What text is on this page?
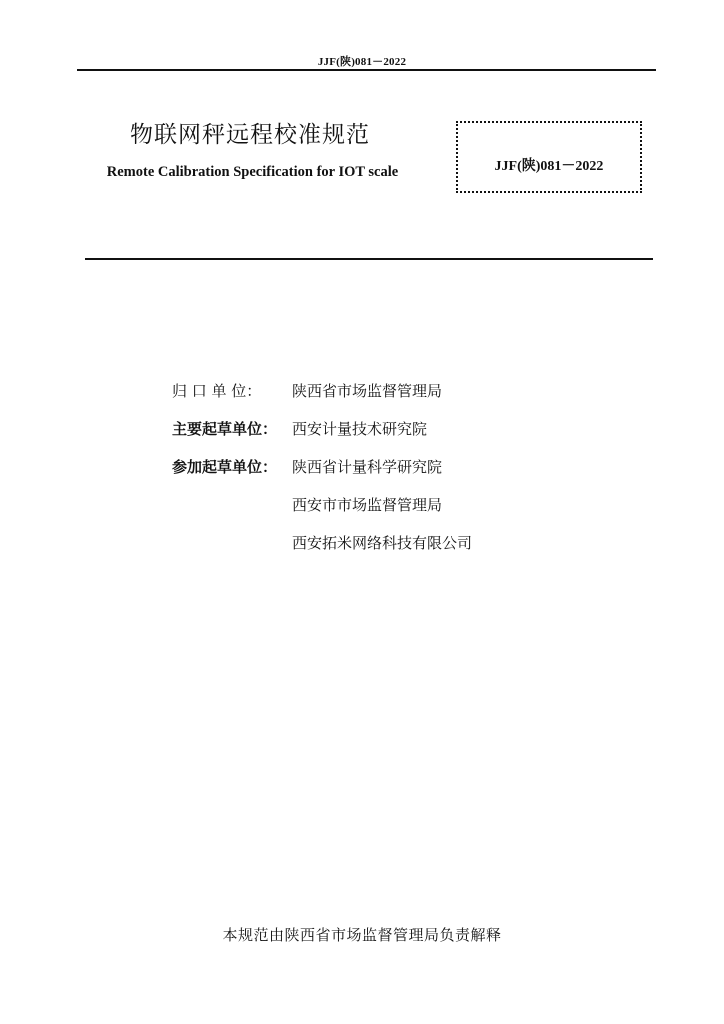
JJF(陕)081－2022
物联网秤远程校准规范
Remote Calibration Specification for IOT scale	JJF(陕)081－2022
归 口 单 位：	陕西省市场监督管理局
主要起草单位： 西安计量技术研究院
参加起草单位： 陕西省计量科学研究院
西安市市场监督管理局
西安拓米网络科技有限公司
本规范由陕西省市场监督管理局负责解释
